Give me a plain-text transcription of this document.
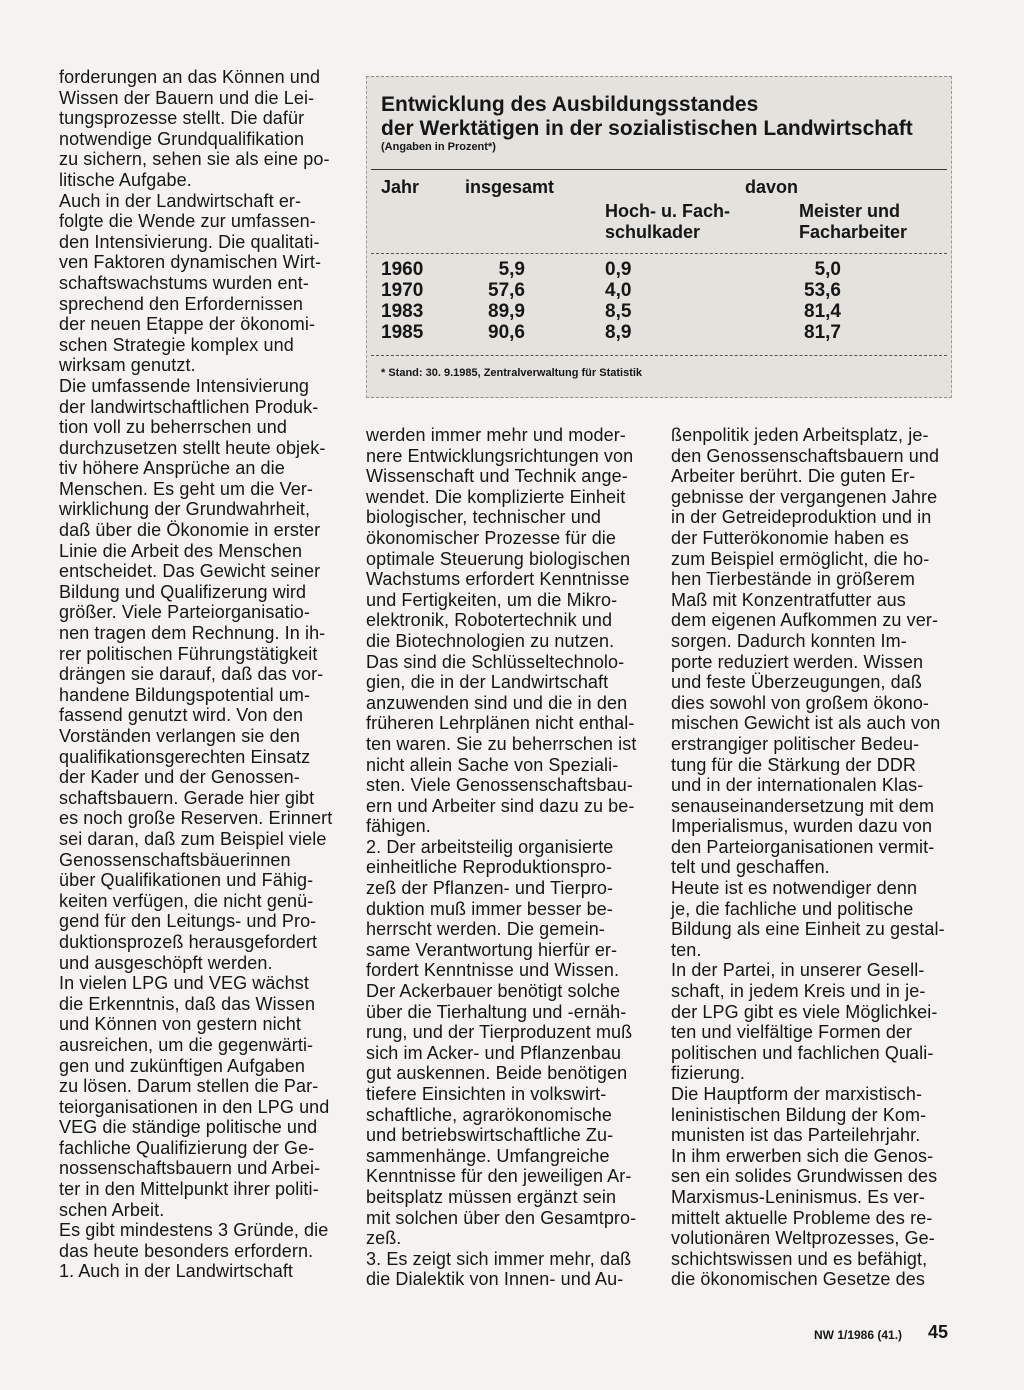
forderungen an das Können und
Wissen der Bauern und die Lei-
tungsprozesse stellt. Die dafür
notwendige Grundqualifikation
zu sichern, sehen sie als eine po-
litische Aufgabe.

Auch in der Landwirtschaft er-
folgte die Wende zur umfassen-
den Intensivierung. Die qualitati-
ven Faktoren dynamischen Wirt-
schaftswachstums wurden ent-
sprechend den Erfordernissen
der neuen Etappe der ökonomi-
schen Strategie komplex und
wirksam genutzt.

Die umfassende Intensivierung
der landwirtschaftlichen Produk-
tion voll zu beherrschen und
durchzusetzen stellt heute objek-
tiv höhere Ansprüche an die
Menschen. Es geht um die Ver-
wirklichung der Grundwahrheit,
daß über die Ökonomie in erster
Linie die Arbeit des Menschen
entscheidet. Das Gewicht seiner
Bildung und Qualifizerung wird
größer. Viele Parteiorganisatio-
nen tragen dem Rechnung. In ih-
rer politischen Führungstätigkeit
drängen sie darauf, daß das vor-
handene Bildungspotential um-
fassend genutzt wird. Von den
Vorständen verlangen sie den
qualifikationsgerechten Einsatz
der Kader und der Genossen-
schaftsbauern. Gerade hier gibt
es noch große Reserven. Erinnert
sei daran, daß zum Beispiel viele
Genossenschaftsbäuerinnen
über Qualifikationen und Fähig-
keiten verfügen, die nicht genü-
gend für den Leitungs- und Pro-
duktionsprozeß herausgefordert
und ausgeschöpft werden.

In vielen LPG und VEG wächst
die Erkenntnis, daß das Wissen
und Können von gestern nicht
ausreichen, um die gegenwärti-
gen und zukünftigen Aufgaben
zu lösen. Darum stellen die Par-
teiorganisationen in den LPG und
VEG die ständige politische und
fachliche Qualifizierung der Ge-
nossenschaftsbauern und Arbei-
ter in den Mittelpunkt ihrer politi-
schen Arbeit.

Es gibt mindestens 3 Gründe, die
das heute besonders erfordern.

1. Auch in der Landwirtschaft

Entwicklung des Ausbildungsstandes
der Werktätigen in der sozialistischen Landwirtschaft
(Angaben in Prozent*)
Jahr	insgesamt	davon
Hoch- u. Fach-
schulkader
Meister und
Facharbeiter
1960	5,9	0,9	5,0
1970	57,6	4,0	53,6
1983	89,9	8,5	81,4
1985	90,6	8,9	81,7
* Stand: 30. 9.1985, Zentralverwaltung für Statistik

werden immer mehr und moder-
nere Entwicklungsrichtungen von
Wissenschaft und Technik ange-
wendet. Die komplizierte Einheit
biologischer, technischer und
ökonomischer Prozesse für die
optimale Steuerung biologischen
Wachstums erfordert Kenntnisse
und Fertigkeiten, um die Mikro-
elektronik, Robotertechnik und
die Biotechnologien zu nutzen.
Das sind die Schlüsseltechnolo-
gien, die in der Landwirtschaft
anzuwenden sind und die in den
früheren Lehrplänen nicht enthal-
ten waren. Sie zu beherrschen ist
nicht allein Sache von Speziali-
sten. Viele Genossenschaftsbau-
ern und Arbeiter sind dazu zu be-
fähigen.

2. Der arbeitsteilig organisierte
einheitliche Reproduktionspro-
zeß der Pflanzen- und Tierpro-
duktion muß immer besser be-
herrscht werden. Die gemein-
same Verantwortung hierfür er-
fordert Kenntnisse und Wissen.
Der Ackerbauer benötigt solche
über die Tierhaltung und -ernäh-
rung, und der Tierproduzent muß
sich im Acker- und Pflanzenbau
gut auskennen. Beide benötigen
tiefere Einsichten in volkswirt-
schaftliche, agrarökonomische
und betriebswirtschaftliche Zu-
sammenhänge. Umfangreiche
Kenntnisse für den jeweiligen Ar-
beitsplatz müssen ergänzt sein
mit solchen über den Gesamtpro-
zeß.

3. Es zeigt sich immer mehr, daß
die Dialektik von Innen- und Au-

ßenpolitik jeden Arbeitsplatz, je-
den Genossenschaftsbauern und
Arbeiter berührt. Die guten Er-
gebnisse der vergangenen Jahre
in der Getreideproduktion und in
der Futterökonomie haben es
zum Beispiel ermöglicht, die ho-
hen Tierbestände in größerem
Maß mit Konzentratfutter aus
dem eigenen Aufkommen zu ver-
sorgen. Dadurch konnten Im-
porte reduziert werden. Wissen
und feste Überzeugungen, daß
dies sowohl von großem ökono-
mischen Gewicht ist als auch von
erstrangiger politischer Bedeu-
tung für die Stärkung der DDR
und in der internationalen Klas-
senauseinandersetzung mit dem
Imperialismus, wurden dazu von
den Parteiorganisationen vermit-
telt und geschaffen.

Heute ist es notwendiger denn
je, die fachliche und politische
Bildung als eine Einheit zu gestal-
ten.

In der Partei, in unserer Gesell-
schaft, in jedem Kreis und in je-
der LPG gibt es viele Möglichkei-
ten und vielfältige Formen der
politischen und fachlichen Quali-
fizierung.

Die Hauptform der marxistisch-
leninistischen Bildung der Kom-
munisten ist das Parteilehrjahr.
In ihm erwerben sich die Genos-
sen ein solides Grundwissen des
Marxismus-Leninismus. Es ver-
mittelt aktuelle Probleme des re-
volutionären Weltprozesses, Ge-
schichtswissen und es befähigt,
die ökonomischen Gesetze des

NW 1/1986 (41.) 45
